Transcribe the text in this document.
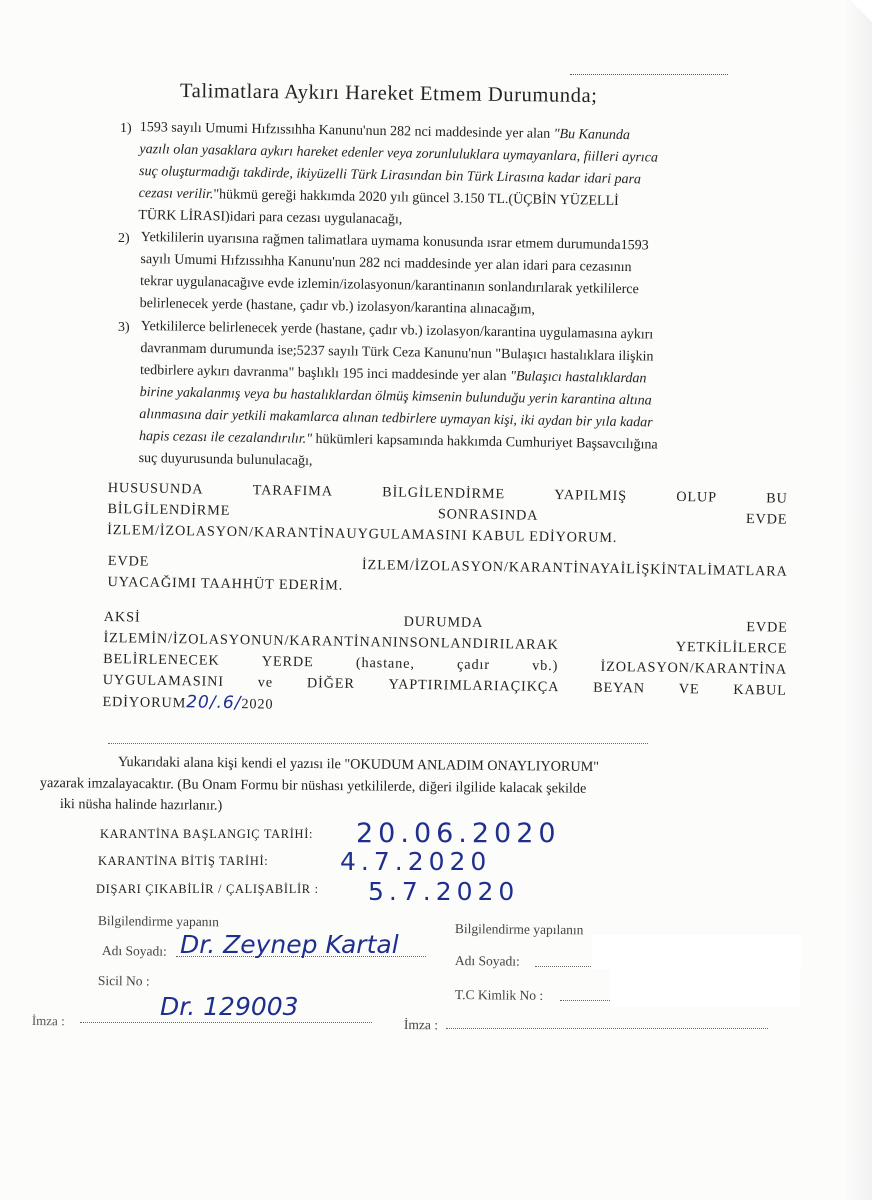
Talimatlara Aykırı Hareket Etmem Durumunda;
1) 1593 sayılı Umumi Hıfzıssıhha Kanunu'nun 282 nci maddesinde yer alan "Bu Kanunda
yazılı olan yasaklara aykırı hareket edenler veya zorunluluklara uymayanlara, fiilleri ayrıca
suç oluşturmadığı takdirde, ikiyüzelli Türk Lirasından bin Türk Lirasına kadar idari para
cezası verilir."hükmü gereği hakkımda 2020 yılı güncel 3.150 TL.(ÜÇBİN YÜZELLİ
TÜRK LİRASI)idari para cezası uygulanacağı,
2) Yetkililerin uyarısına rağmen talimatlara uymama konusunda ısrar etmem durumunda1593
sayılı Umumi Hıfzıssıhha Kanunu'nun 282 nci maddesinde yer alan idari para cezasının
tekrar uygulanacağıve evde izlemin/izolasyonun/karantinanın sonlandırılarak yetkililerce
belirlenecek yerde (hastane, çadır vb.) izolasyon/karantina alınacağım,
3) Yetkililerce belirlenecek yerde (hastane, çadır vb.) izolasyon/karantina uygulamasına aykırı
davranmam durumunda ise;5237 sayılı Türk Ceza Kanunu'nun "Bulaşıcı hastalıklara ilişkin
tedbirlere aykırı davranma" başlıklı 195 inci maddesinde yer alan "Bulaşıcı hastalıklardan
birine yakalanmış veya bu hastalıklardan ölmüş kimsenin bulunduğu yerin karantina altına
alınmasına dair yetkili makamlarca alınan tedbirlere uymayan kişi, iki aydan bir yıla kadar
hapis cezası ile cezalandırılır." hükümleri kapsamında hakkımda Cumhuriyet Başsavcılığına
suç duyurusunda bulunulacağı,
HUSUSUNDA	TARAFIMA	BİLGİLENDİRME	YAPILMIŞ	OLUP	BU
BİLGİLENDİRME	SONRASINDA	EVDE
İZLEM/İZOLASYON/KARANTİNAUYGULAMASINI KABUL EDİYORUM.
EVDE	İZLEM/İZOLASYON/KARANTİNAYAİLİŞKİNTALİMATLARA
UYACAĞIMI TAAHHÜT EDERİM.
AKSİ	DURUMDA	EVDE
İZLEMİN/İZOLASYONUN/KARANTİNANINSONLANDIRILARAK	YETKİLİLERCE
BELİRLENECEK	YERDE	(hastane,	çadır	vb.)	İZOLASYON/KARANTİNA
UYGULAMASINI ve DİĞER YAPTIRIMLARIAÇIKÇA BEYAN VE KABUL
EDİYORUM20/.6/2020
Yukarıdaki alana kişi kendi el yazısı ile "OKUDUM ANLADIM ONAYLIYORUM"
yazarak imzalayacaktır. (Bu Onam Formu bir nüshası yetkililerde, diğeri ilgilide kalacak şekilde
iki nüsha halinde hazırlanır.)
KARANTİNA BAŞLANGIÇ TARİHİ: 20.06.2020
KARANTİNA BİTİŞ TARİHİ:	4.7.2020
DIŞARI ÇIKABİLİR / ÇALIŞABİLİR : 5.7.2020
Bilgilendirme yapanın
Adı Soyadı: Dr. Zeynep Kartal
Sicil No :
Dr. 129003
İmza :
Bilgilendirme yapılanın
Adı Soyadı:
T.C Kimlik No :
İmza :
